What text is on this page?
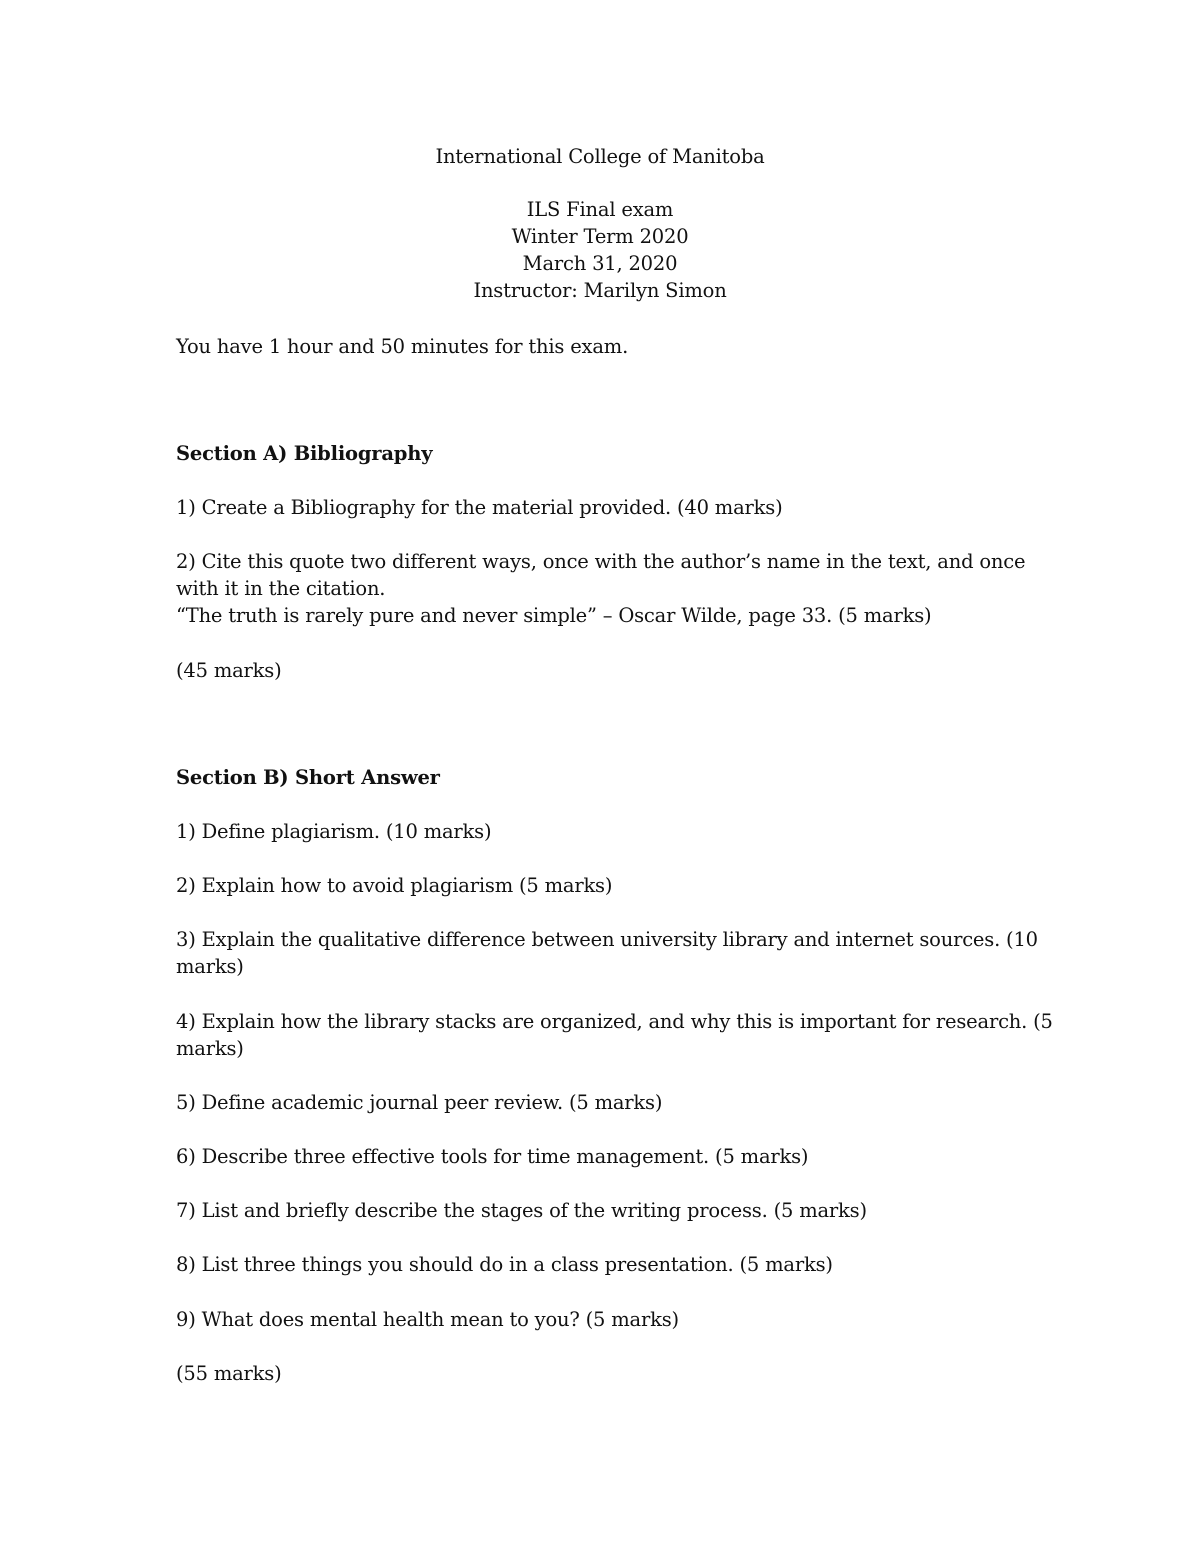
International College of Manitoba
ILS Final exam
Winter Term 2020
March 31, 2020
Instructor: Marilyn Simon
You have 1 hour and 50 minutes for this exam.
Section A) Bibliography
1) Create a Bibliography for the material provided. (40 marks)
2) Cite this quote two different ways, once with the author’s name in the text, and once
with it in the citation.
“The truth is rarely pure and never simple” – Oscar Wilde, page 33. (5 marks)
(45 marks)
Section B) Short Answer
1) Define plagiarism. (10 marks)
2) Explain how to avoid plagiarism (5 marks)
3) Explain the qualitative difference between university library and internet sources. (10
marks)
4) Explain how the library stacks are organized, and why this is important for research. (5
marks)
5) Define academic journal peer review. (5 marks)
6) Describe three effective tools for time management. (5 marks)
7) List and briefly describe the stages of the writing process. (5 marks)
8) List three things you should do in a class presentation. (5 marks)
9) What does mental health mean to you? (5 marks)
(55 marks)
